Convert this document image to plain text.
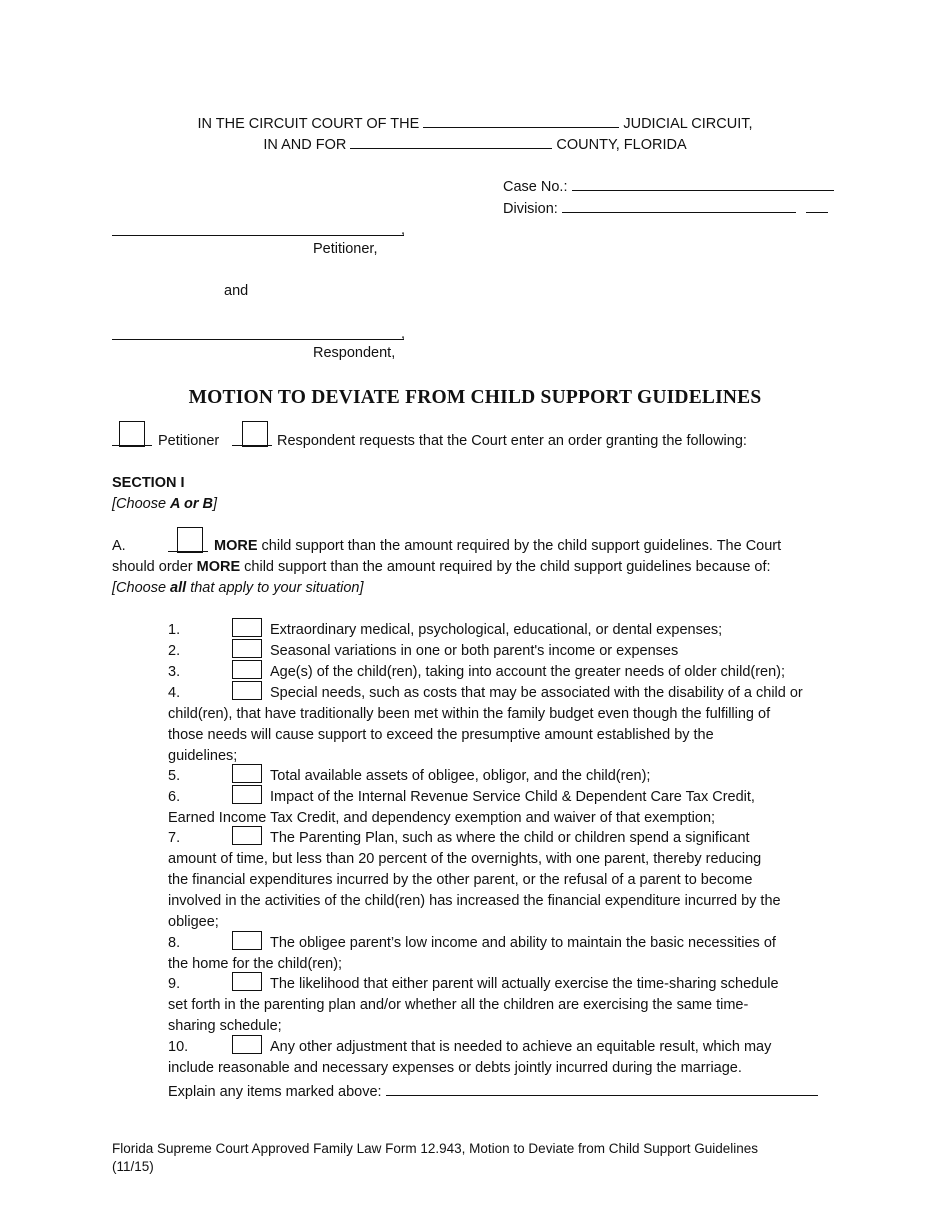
IN THE CIRCUIT COURT OF THE	JUDICIAL CIRCUIT,
IN AND FOR	COUNTY, FLORIDA
Case No.:
Division:
,
Petitioner,
and
,
Respondent,
MOTION TO DEVIATE FROM CHILD SUPPORT GUIDELINES
Petitioner	Respondent requests that the Court enter an order granting the following:
SECTION I
[Choose A or B]
A.	MORE child support than the amount required by the child support guidelines. The Court
should order MORE child support than the amount required by the child support guidelines because of:
[Choose all that apply to your situation]
1.	Extraordinary medical, psychological, educational, or dental expenses;
2.	Seasonal variations in one or both parent's income or expenses
3.	Age(s) of the child(ren), taking into account the greater needs of older child(ren);
4.	Special needs, such as costs that may be associated with the disability of a child or
child(ren), that have traditionally been met within the family budget even though the fulfilling of
those needs will cause support to exceed the presumptive amount established by the
guidelines;
5.	Total available assets of obligee, obligor, and the child(ren);
6.	Impact of the Internal Revenue Service Child & Dependent Care Tax Credit,
Earned Income Tax Credit, and dependency exemption and waiver of that exemption;
7.	The Parenting Plan, such as where the child or children spend a significant
amount of time, but less than 20 percent of the overnights, with one parent, thereby reducing
the financial expenditures incurred by the other parent, or the refusal of a parent to become
involved in the activities of the child(ren) has increased the financial expenditure incurred by the
obligee;
8.	The obligee parent’s low income and ability to maintain the basic necessities of
the home for the child(ren);
9.	The likelihood that either parent will actually exercise the time-sharing schedule
set forth in the parenting plan and/or whether all the children are exercising the same time-
sharing schedule;
10.	Any other adjustment that is needed to achieve an equitable result, which may
include reasonable and necessary expenses or debts jointly incurred during the marriage.
Explain any items marked above:
Florida Supreme Court Approved Family Law Form 12.943, Motion to Deviate from Child Support Guidelines
(11/15)
